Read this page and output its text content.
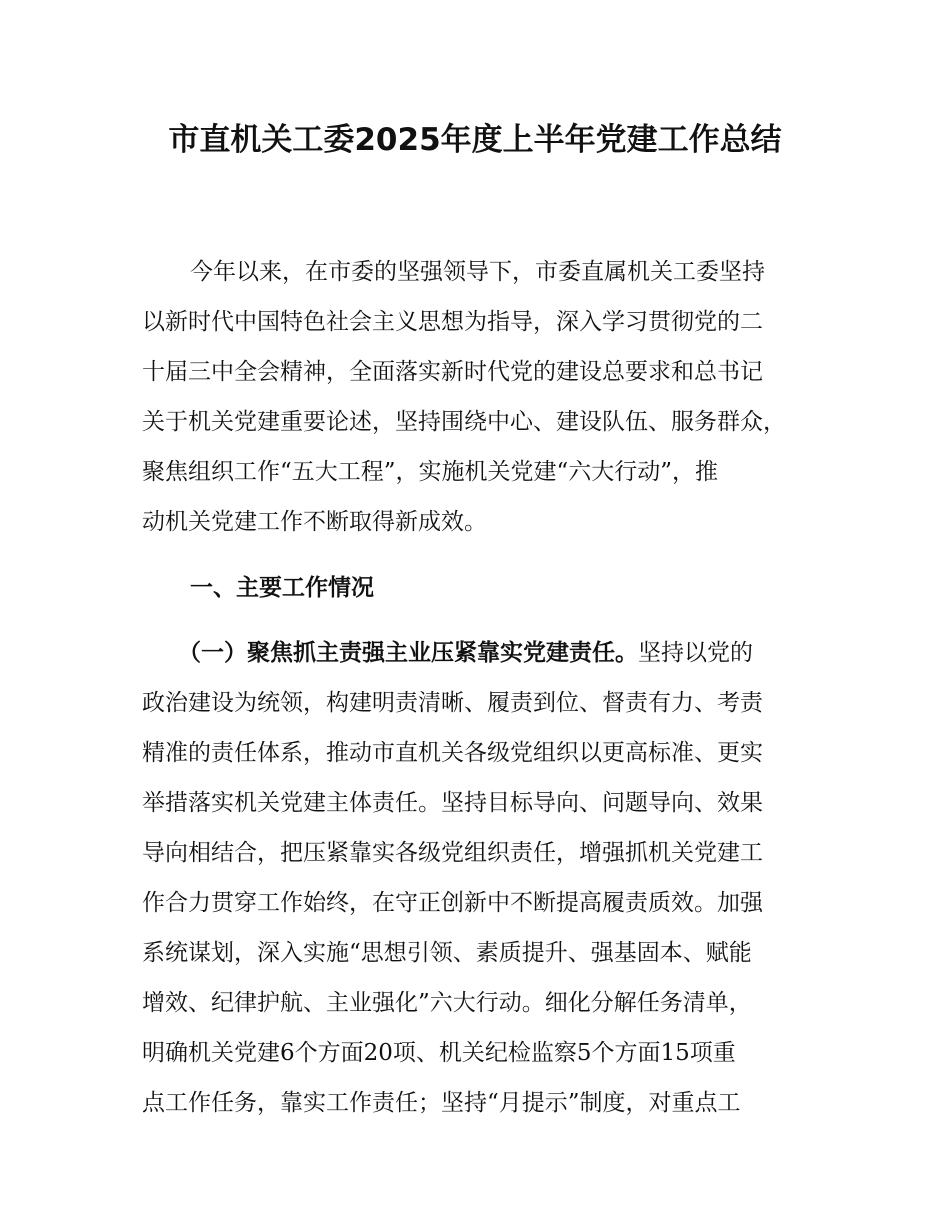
市直机关工委2025年度上半年党建工作总结
今年以来，在市委的坚强领导下，市委直属机关工委坚持
以新时代中国特色社会主义思想为指导，深入学习贯彻党的二
十届三中全会精神，全面落实新时代党的建设总要求和总书记
关于机关党建重要论述，坚持围绕中心、建设队伍、服务群众，
聚焦组织工作“五大工程”，实施机关党建“六大行动”，推
动机关党建工作不断取得新成效。
一、主要工作情况
（一）聚焦抓主责强主业压紧靠实党建责任。坚持以党的
政治建设为统领，构建明责清晰、履责到位、督责有力、考责
精准的责任体系，推动市直机关各级党组织以更高标准、更实
举措落实机关党建主体责任。坚持目标导向、问题导向、效果
导向相结合，把压紧靠实各级党组织责任，增强抓机关党建工
作合力贯穿工作始终，在守正创新中不断提高履责质效。加强
系统谋划，深入实施“思想引领、素质提升、强基固本、赋能
增效、纪律护航、主业强化”六大行动。细化分解任务清单，
明确机关党建6个方面20项、机关纪检监察5个方面15项重
点工作任务，靠实工作责任；坚持“月提示”制度，对重点工
